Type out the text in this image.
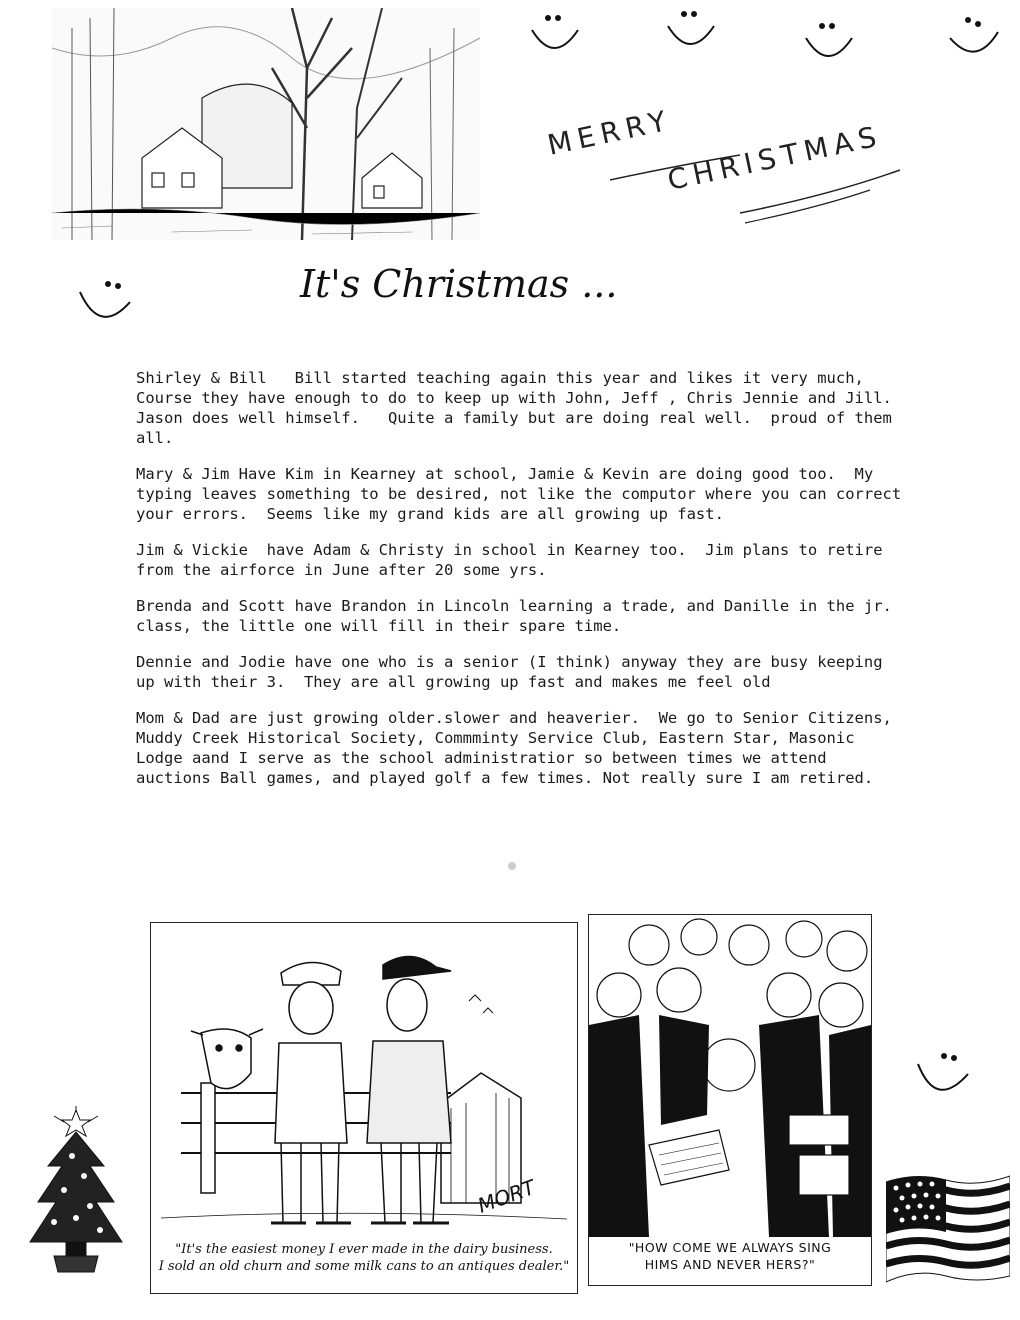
MERRY
CHRISTMAS
It's Christmas ...

Shirley & Bill   Bill started teaching again this year and likes it very much,  Course they have enough to do to keep up with John, Jeff , Chris Jennie and Jill.   Jason does well himself.   Quite a family but are doing real well.  proud of them all.

Mary & Jim Have Kim in Kearney at school, Jamie & Kevin are doing good too.  My typing leaves something to be desired, not like the computor where you can correct your errors.  Seems like my grand kids are all growing up fast.

Jim & Vickie  have Adam & Christy in school in Kearney too.  Jim plans to retire from the airforce in June after 20 some yrs.

Brenda and Scott have Brandon in Lincoln learning a trade, and Danille in the jr. class, the little one will fill in their spare time.

Dennie and Jodie have one who is a senior (I think) anyway they are busy keeping up with their 3.  They are all growing up fast and makes me feel old

Mom & Dad are just growing older.slower and heaverier.  We go to Senior Citizens, Muddy Creek Historical Society, Commminty Service Club, Eastern Star, Masonic Lodge aand I serve as the school administratior so between times we attend auctions Ball games, and played golf a few times. Not really sure I am retired.

MORT
"It's the easiest money I ever made in the dairy business.
I sold an old churn and some milk cans to an antiques dealer."
~
"HOW COME WE ALWAYS SING
HIMS AND NEVER HERS?"
